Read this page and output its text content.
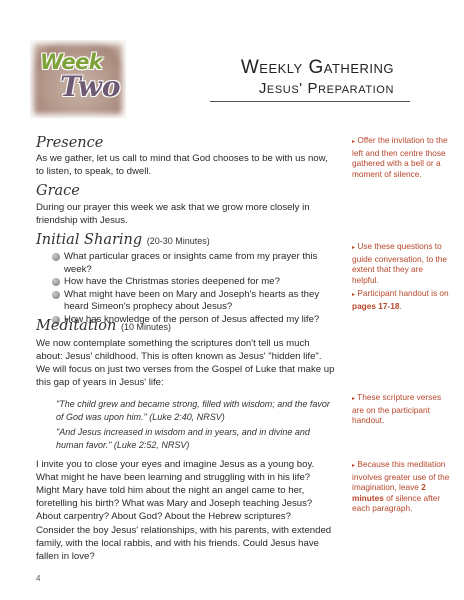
Week
Two
Weekly Gathering
Jesus' Preparation
Presence
As we gather, let us call to mind that God chooses to be with us now, to listen, to speak, to dwell.
Grace
During our prayer this week we ask that we grow more closely in friendship with Jesus.
Initial Sharing (20-30 Minutes)
What particular graces or insights came from my prayer this week?
How have the Christmas stories deepened for me?
What might have been on Mary and Joseph's hearts as they heard Simeon's prophecy about Jesus?
How has knowledge of the person of Jesus affected my life?
Meditation (10 Minutes)
We now contemplate something the scriptures don't tell us much about: Jesus' childhood. This is often known as Jesus' "hidden life". We will focus on just two verses from the Gospel of Luke that make up this gap of years in Jesus' life:
"The child grew and became strong, filled with wisdom; and the favor of God was upon him." (Luke 2:40, NRSV)
"And Jesus increased in wisdom and in years, and in divine and human favor." (Luke 2:52, NRSV)
I invite you to close your eyes and imagine Jesus as a young boy. What might he have been learning and struggling with in his life? Might Mary have told him about the night an angel came to her, foretelling his birth? What was Mary and Joseph teaching Jesus? About carpentry? About God? About the Hebrew scriptures?
Consider the boy Jesus' relationships, with his parents, with extended family, with the local rabbis, and with his friends. Could Jesus have fallen in love?
▸ Offer the invitation to the left and then centre those gathered with a bell or a moment of silence.
▸ Use these questions to guide conversation, to the extent that they are helpful.
▸ Participant handout is on pages 17-18.
▸ These scripture verses are on the participant handout.
▸ Because this meditation involves greater use of the imagination, leave 2 minutes of silence after each paragraph.
4
